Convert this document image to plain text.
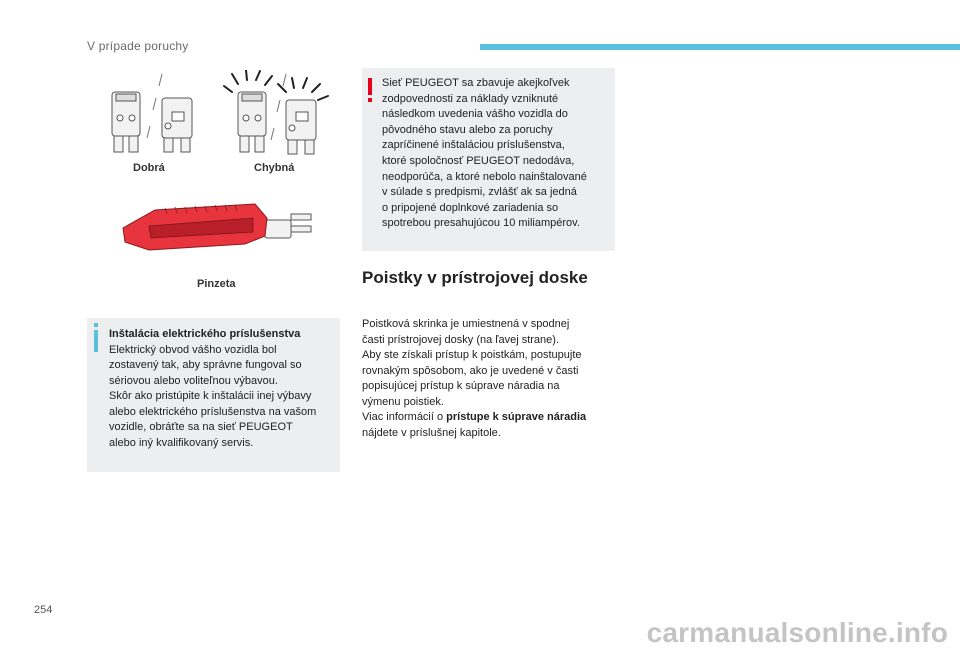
V prípade poruchy
Dobrá	Chybná
Pinzeta
Inštalácia elektrického príslušenstva
Elektrický obvod vášho vozidla bol
zostavený tak, aby správne fungoval so
sériovou alebo voliteľnou výbavou.
Skôr ako pristúpite k inštalácii inej výbavy
alebo elektrického príslušenstva na vašom
vozidle, obráťte sa na sieť PEUGEOT
alebo iný kvalifikovaný servis.
Sieť PEUGEOT sa zbavuje akejkoľvek
zodpovednosti za náklady vzniknuté
následkom uvedenia vášho vozidla do
pôvodného stavu alebo za poruchy
zapríčinené inštaláciou príslušenstva,
ktoré spoločnosť PEUGEOT nedodáva,
neodporúča, a ktoré nebolo nainštalované
v súlade s predpismi, zvlášť ak sa jedná
o pripojené doplnkové zariadenia so
spotrebou presahujúcou 10 miliampérov.
Poistky v prístrojovej doske
Poistková skrinka je umiestnená v spodnej
časti prístrojovej dosky (na ľavej strane).
Aby ste získali prístup k poistkám, postupujte
rovnakým spôsobom, ako je uvedené v časti
popisujúcej prístup k súprave náradia na
výmenu poistiek.
Viac informácií o prístupe k súprave náradia
nájdete v príslušnej kapitole.
254
carmanualsonline.info
